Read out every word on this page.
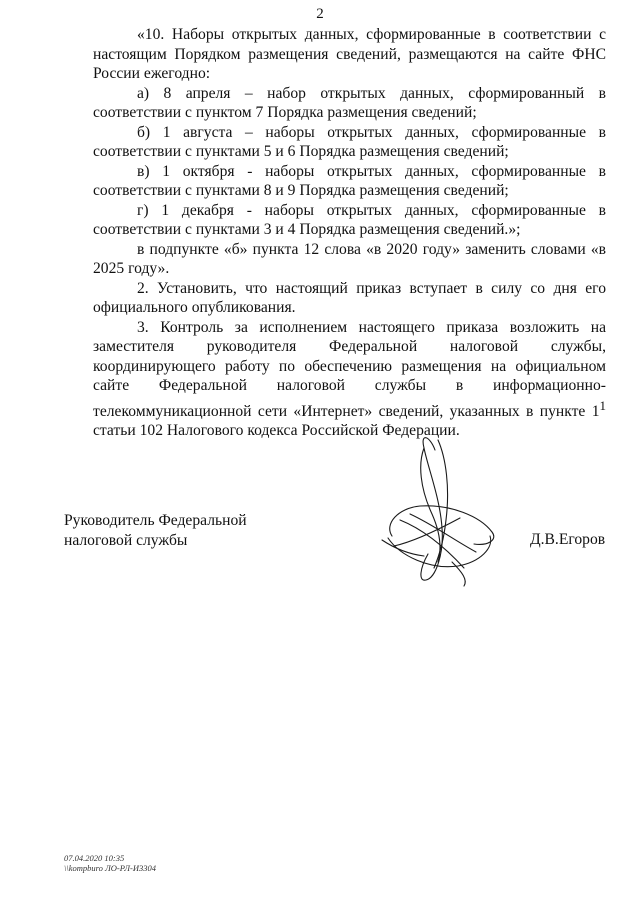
2

«10. Наборы открытых данных, сформированные в соответствии с настоящим Порядком размещения сведений, размещаются на сайте ФНС России ежегодно:

а) 8 апреля – набор открытых данных, сформированный в соответствии с пунктом 7 Порядка размещения сведений;

б) 1 августа – наборы открытых данных, сформированные в соответствии с пунктами 5 и 6 Порядка размещения сведений;

в) 1 октября - наборы открытых данных, сформированные в соответствии с пунктами 8 и 9 Порядка размещения сведений;

г) 1 декабря - наборы открытых данных, сформированные в соответствии с пунктами 3 и 4 Порядка размещения сведений.»;

в подпункте «б» пункта 12 слова «в 2020 году» заменить словами «в 2025 году».

2. Установить, что настоящий приказ вступает в силу со дня его официального опубликования.

3. Контроль за исполнением настоящего приказа возложить на заместителя руководителя Федеральной налоговой службы, координирующего работу по обеспечению размещения на официальном сайте Федеральной налоговой службы в информационно-телекоммуникационной сети «Интернет» сведений, указанных в пункте $1^1$ статьи 102 Налогового кодекса Российской Федерации.

Руководитель Федеральной
налоговой службы	Д.В.Егоров
07.04.2020 10:35
\\kompburo ЛО-РЛ-И3304
